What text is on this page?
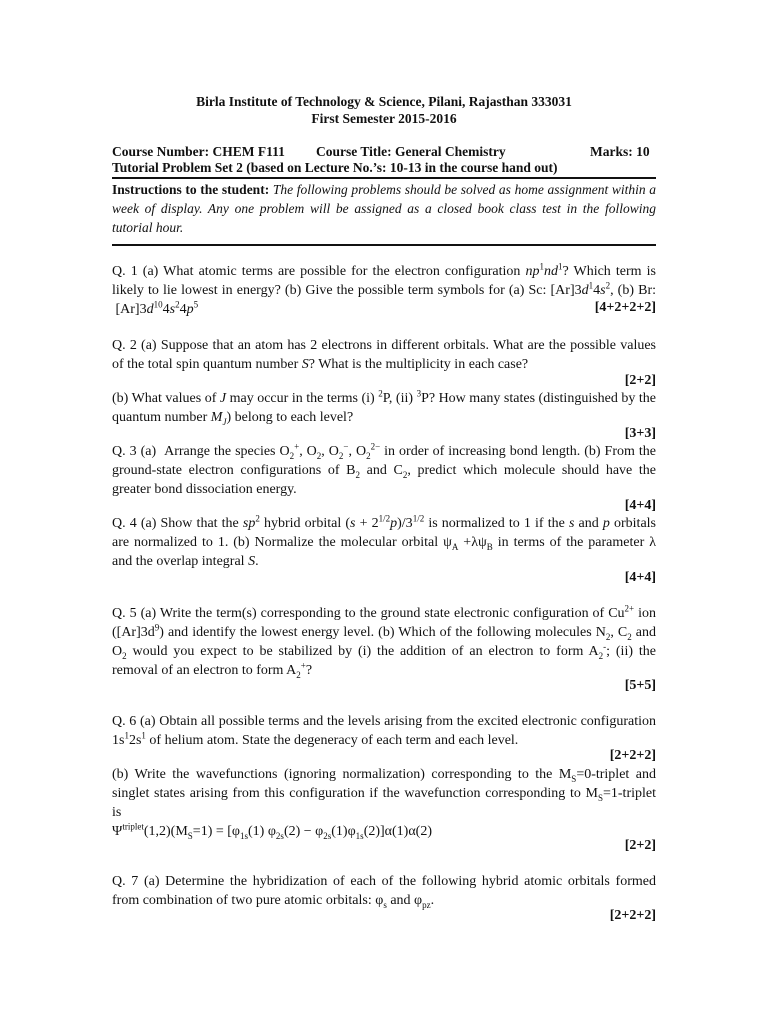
Birla Institute of Technology & Science, Pilani, Rajasthan 333031
First Semester 2015-2016
Course Number: CHEM F111 Course Title: General Chemistry	Marks: 10
Tutorial Problem Set 2 (based on Lecture No.’s: 10-13 in the course hand out)
Instructions to the student: The following problems should be solved as home assignment within a week of display. Any one problem will be assigned as a closed book class test in the following tutorial hour.
Q. 1 (a) What atomic terms are possible for the electron configuration $np^1nd^1$? Which term is likely to lie lowest in energy? (b) Give the possible term symbols for (a) Sc: $[Ar]3d^14s^2$, (b) Br:  $[Ar]3d^{10}4s^24p^5$	[4+2+2+2]
Q. 2 (a) Suppose that an atom has 2 electrons in different orbitals. What are the possible values of the total spin quantum number S? What is the multiplicity in each case?
[2+2]
(b) What values of J may occur in the terms (i) $^2$P, (ii) $^3$P? How many states (distinguished by the quantum number $M_J$) belong to each level?
[3+3]
Q. 3 (a)  Arrange the species $O_2^+$, $O_2$, $O_2^-$, $O_2^{2-}$ in order of increasing bond length. (b) From the ground-state electron configurations of $B_2$ and $C_2$, predict which molecule should have the greater bond dissociation energy.
[4+4]
Q. 4 (a) Show that the $sp^2$ hybrid orbital $(s + 2^{1/2}p)/3^{1/2}$ is normalized to 1 if the s and p orbitals are normalized to 1. (b) Normalize the molecular orbital $\psi_A +\lambda\psi_B$ in terms of the parameter λ and the overlap integral S.
[4+4]
Q. 5 (a) Write the term(s) corresponding to the ground state electronic configuration of $Cu^{2+}$ ion $([Ar]3d^9)$ and identify the lowest energy level. (b) Which of the following molecules $N_2$, $C_2$ and $O_2$ would you expect to be stabilized by (i) the addition of an electron to form $A_2^-$; (ii) the removal of an electron to form $A_2^+$?
[5+5]
Q. 6 (a) Obtain all possible terms and the levels arising from the excited electronic configuration $1s^12s^1$ of helium atom. State the degeneracy of each term and each level.
[2+2+2]
(b) Write the wavefunctions (ignoring normalization) corresponding to the $M_S=0$-triplet and singlet states arising from this configuration if the wavefunction corresponding to $M_S=1$-triplet is
$\Psi^{triplet}(1,2)(M_S=1) = [\varphi_{1s}(1) \varphi_{2s}(2) - \varphi_{2s}(1)\varphi_{1s}(2)]\alpha(1)\alpha(2)$
[2+2]
Q. 7 (a) Determine the hybridization of each of the following hybrid atomic orbitals formed from combination of two pure atomic orbitals: $\varphi_s$ and $\varphi_{pz}$.
[2+2+2]
